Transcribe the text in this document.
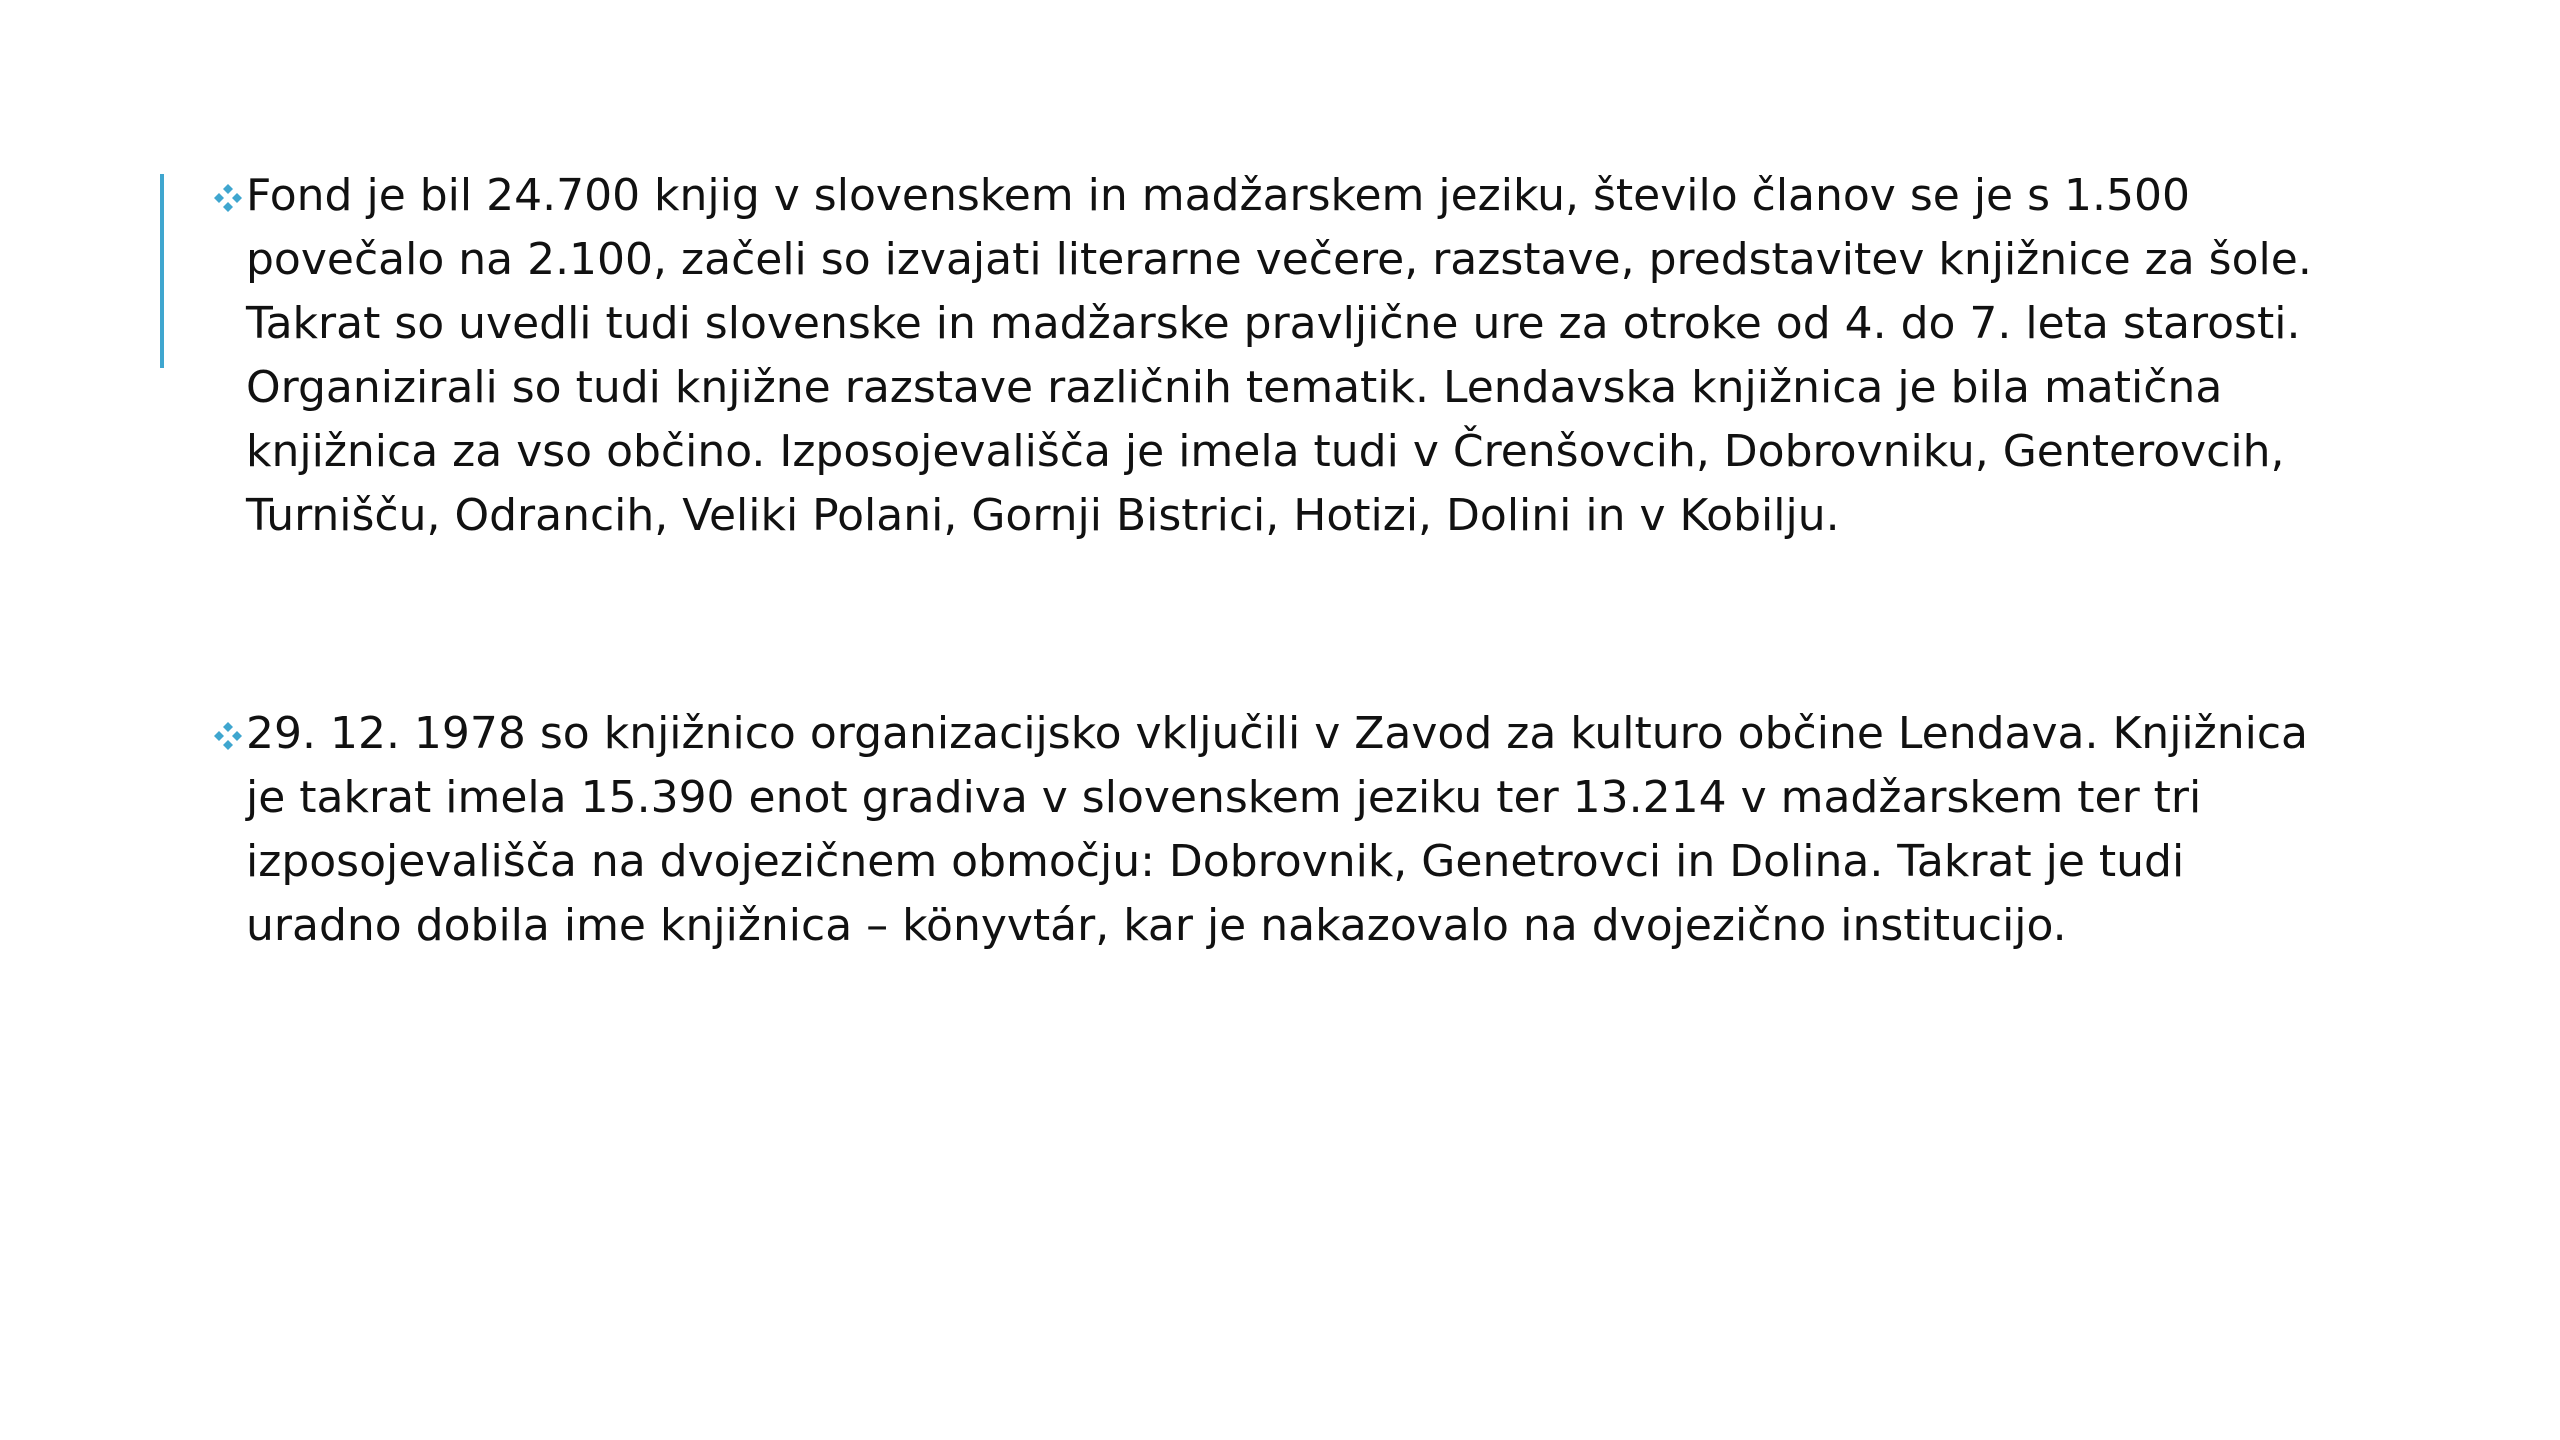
Fond je bil 24.700 knjig v slovenskem in madžarskem jeziku, število članov se je s 1.500 povečalo na 2.100, začeli so izvajati literarne večere, razstave, predstavitev knjižnice za šole. Takrat so uvedli tudi slovenske in madžarske pravljične ure za otroke od 4. do 7. leta starosti. Organizirali so tudi knjižne razstave različnih tematik. Lendavska knjižnica je bila matična knjižnica za vso občino. Izposojevališča je imela tudi v Črenšovcih, Dobrovniku, Genterovcih, Turnišču, Odrancih, Veliki Polani, Gornji Bistrici, Hotizi, Dolini in v Kobilju.
29. 12. 1978 so knjižnico organizacijsko vključili v Zavod za kulturo občine Lendava. Knjižnica je takrat imela 15.390 enot gradiva v slovenskem jeziku ter 13.214 v madžarskem ter tri izposojevališča na dvojezičnem območju: Dobrovnik, Genetrovci in Dolina. Takrat je tudi uradno dobila ime knjižnica – könyvtár, kar je nakazovalo na dvojezično institucijo.
